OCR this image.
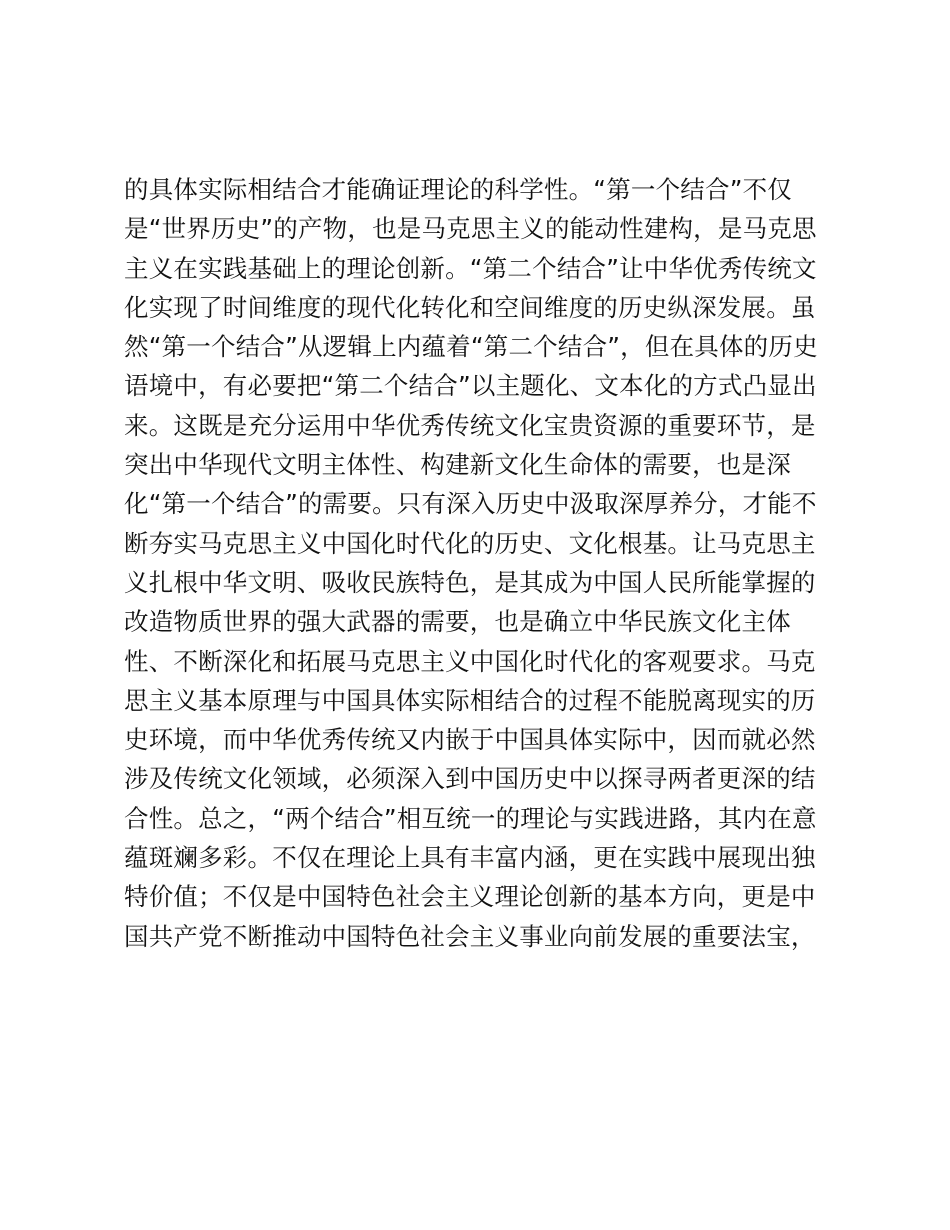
的具体实际相结合才能确证理论的科学性。“第一个结合”不仅
是“世界历史”的产物，也是马克思主义的能动性建构，是马克思
主义在实践基础上的理论创新。“第二个结合”让中华优秀传统文
化实现了时间维度的现代化转化和空间维度的历史纵深发展。虽
然“第一个结合”从逻辑上内蕴着“第二个结合”，但在具体的历史
语境中，有必要把“第二个结合”以主题化、文本化的方式凸显出
来。这既是充分运用中华优秀传统文化宝贵资源的重要环节，是
突出中华现代文明主体性、构建新文化生命体的需要，也是深
化“第一个结合”的需要。只有深入历史中汲取深厚养分，才能不
断夯实马克思主义中国化时代化的历史、文化根基。让马克思主
义扎根中华文明、吸收民族特色，是其成为中国人民所能掌握的
改造物质世界的强大武器的需要，也是确立中华民族文化主体
性、不断深化和拓展马克思主义中国化时代化的客观要求。马克
思主义基本原理与中国具体实际相结合的过程不能脱离现实的历
史环境，而中华优秀传统又内嵌于中国具体实际中，因而就必然
涉及传统文化领域，必须深入到中国历史中以探寻两者更深的结
合性。总之，“两个结合”相互统一的理论与实践进路，其内在意
蕴斑斓多彩。不仅在理论上具有丰富内涵，更在实践中展现出独
特价值；不仅是中国特色社会主义理论创新的基本方向，更是中
国共产党不断推动中国特色社会主义事业向前发展的重要法宝，
